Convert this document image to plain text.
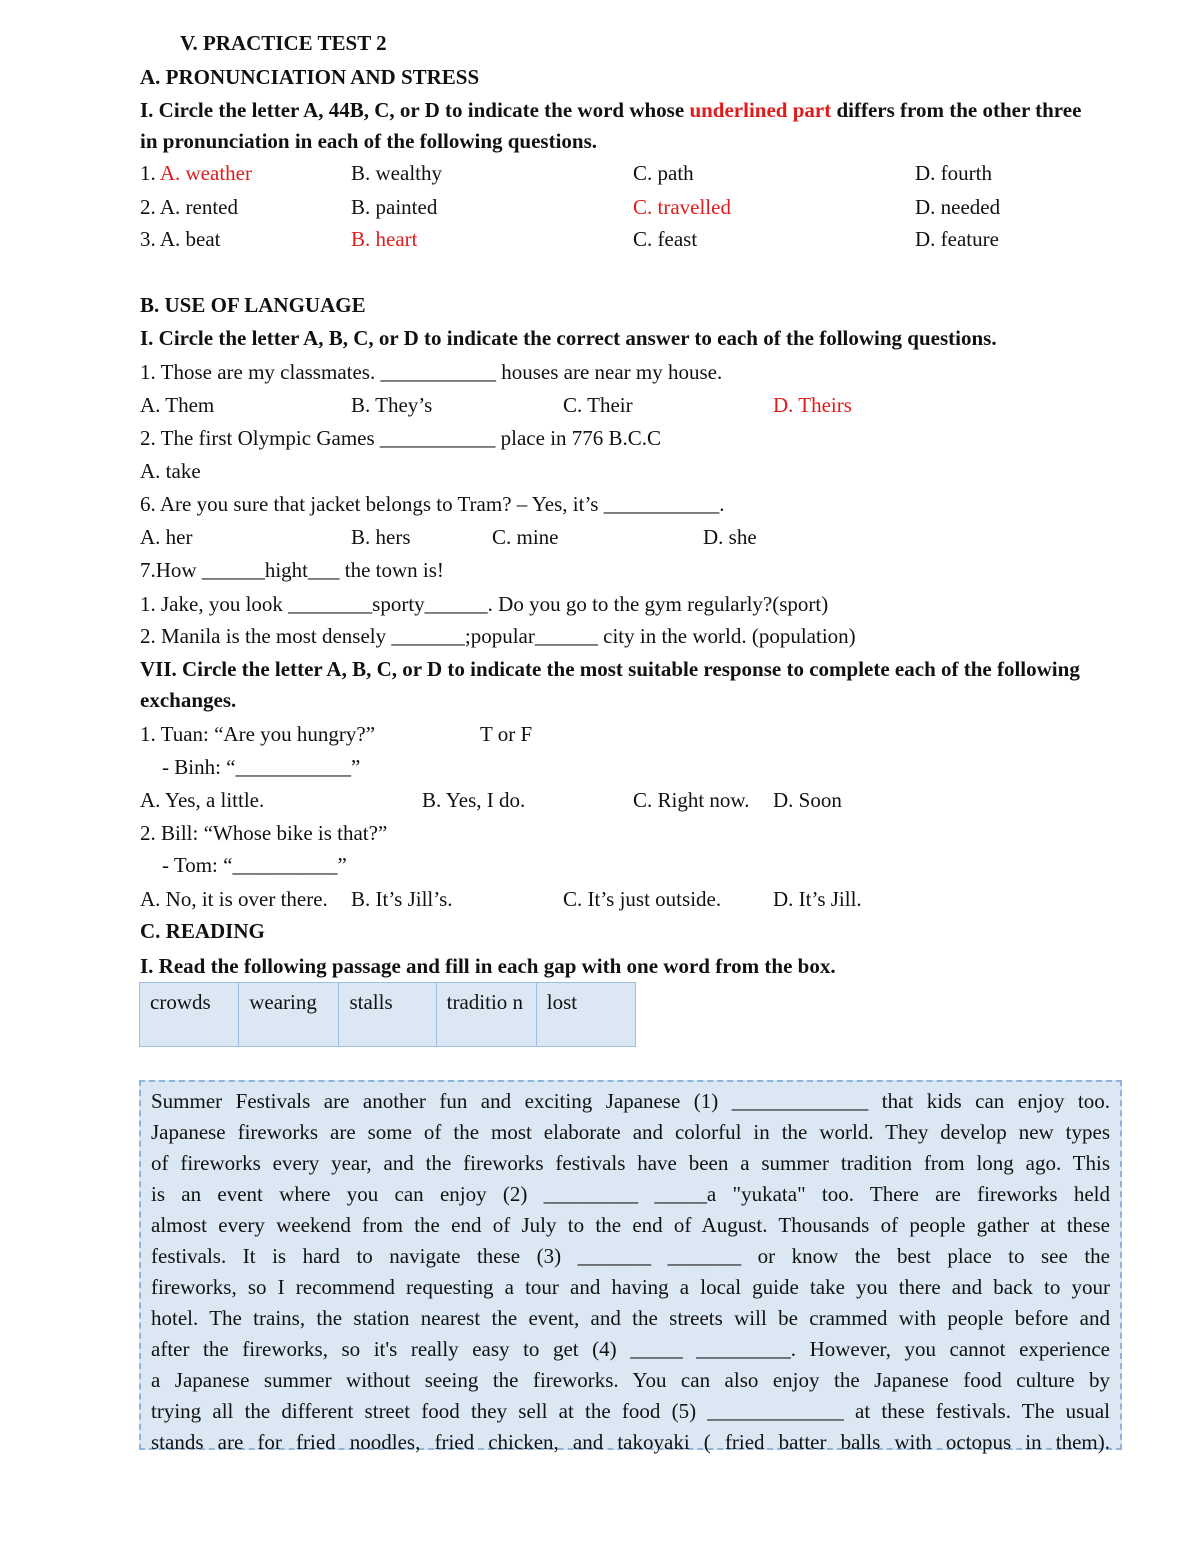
V. PRACTICE TEST 2
A. PRONUNCIATION AND STRESS
I. Circle the letter A, 44B, C, or D to indicate the word whose underlined part differs from the other three
in pronunciation in each of the following questions.
1. A. weather	B. wealthy	C. path	D. fourth
2. A. rented	B. painted	C. travelled	D. needed
3. A. beat	B. heart	C. feast	D. feature
B. USE OF LANGUAGE
I. Circle the letter A, B, C, or D to indicate the correct answer to each of the following questions.
1. Those are my classmates. ___________ houses are near my house.
A. Them	B. They’s	C. Their	D. Theirs
2. The first Olympic Games ___________ place in 776 B.C.C
A. take
6. Are you sure that jacket belongs to Tram? – Yes, it’s ___________.
A. her	B. hers	C. mine	D. she
7.How ______hight___ the town is!
1. Jake, you look ________sporty______. Do you go to the gym regularly?(sport)
2. Manila is the most densely _______;popular______ city in the world. (population)
VII. Circle the letter A, B, C, or D to indicate the most suitable response to complete each of the following
exchanges.
1. Tuan: “Are you hungry?”	T or F
- Binh: “___________”
A. Yes, a little.	B. Yes, I do.	C. Right now. D. Soon
2. Bill: “Whose bike is that?”
- Tom: “__________”
A. No, it is over there. B. It’s Jill’s.	C. It’s just outside. D. It’s Jill.
C. READING
I. Read the following passage and fill in each gap with one word from the box.
crowds	wearing	stalls	traditio n	lost

Summer Festivals are another fun and exciting Japanese (1) _____________ that kids can enjoy too.

Japanese fireworks are some of the most elaborate and colorful in the world. They develop new types

of fireworks every year, and the fireworks festivals have been a summer tradition from long ago. This

is an event where you can enjoy (2) _________ _____a "yukata" too. There are fireworks held

almost every weekend from the end of July to the end of August. Thousands of people gather at these

festivals. It is hard to navigate these (3) _______ _______ or know the best place to see the

fireworks, so I recommend requesting a tour and having a local guide take you there and back to your

hotel. The trains, the station nearest the event, and the streets will be crammed with people before and

after the fireworks, so it's really easy to get (4) _____ _________. However, you cannot experience

a Japanese summer without seeing the fireworks. You can also enjoy the Japanese food culture by

trying all the different street food they sell at the food (5) _____________ at these festivals. The usual

stands are for fried noodles, fried chicken, and takoyaki ( fried batter balls with octopus in them).
